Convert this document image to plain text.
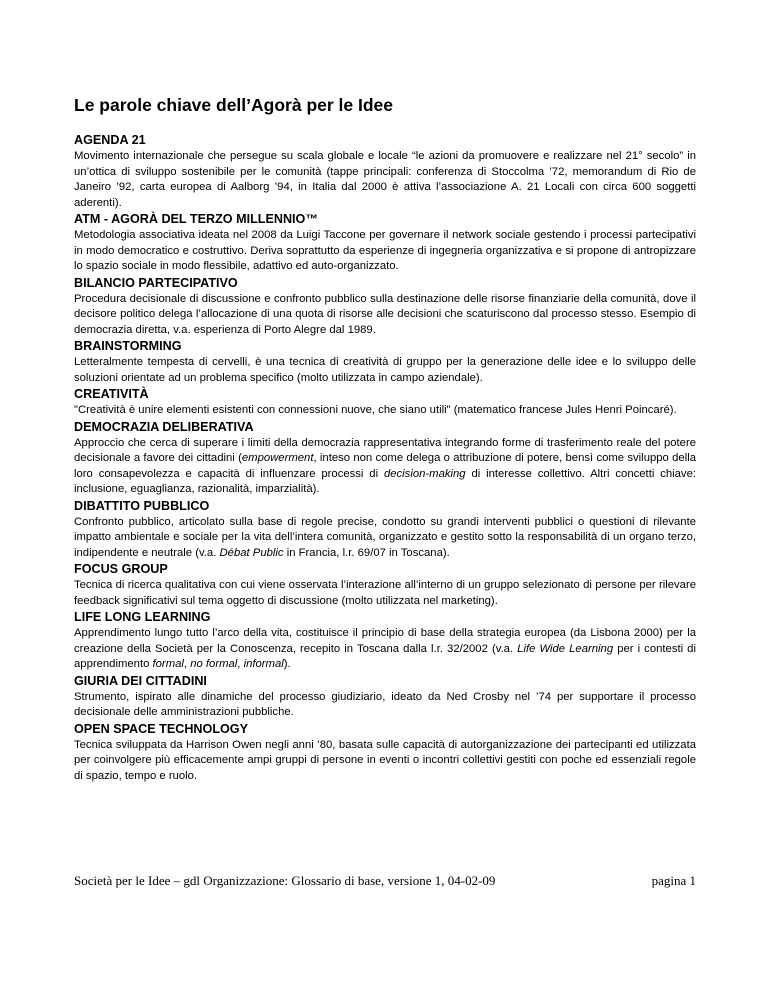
Le parole chiave dell’Agorà per le Idee
AGENDA 21

Movimento internazionale che persegue su scala globale e locale “le azioni da promuovere e realizzare nel 21° secolo” in un’ottica di sviluppo sostenibile per le comunità (tappe principali: conferenza di Stoccolma ’72, memorandum di Rio de Janeiro ’92, carta europea di Aalborg ’94, in Italia dal 2000 è attiva l’associazione A. 21 Locali con circa 600 soggetti aderenti).

ATM - AGORÀ DEL TERZO MILLENNIO™

Metodologia associativa ideata nel 2008 da Luigi Taccone per governare il network sociale gestendo i processi partecipativi in modo democratico e costruttivo. Deriva soprattutto da esperienze di ingegneria organizzativa e si propone di antropizzare lo spazio sociale in modo flessibile, adattivo ed auto-organizzato.

BILANCIO PARTECIPATIVO

Procedura decisionale di discussione e confronto pubblico sulla destinazione delle risorse finanziarie della comunità, dove il decisore politico delega l’allocazione di una quota di risorse alle decisioni che scaturiscono dal processo stesso. Esempio di democrazia diretta, v.a. esperienza di Porto Alegre dal 1989.

BRAINSTORMING

Letteralmente tempesta di cervelli, è una tecnica di creatività di gruppo per la generazione delle idee e lo sviluppo delle soluzioni orientate ad un problema specifico (molto utilizzata in campo aziendale).

CREATIVITÀ

"Creatività è unire elementi esistenti con connessioni nuove, che siano utili" (matematico francese Jules Henri Poincaré).

DEMOCRAZIA DELIBERATIVA

Approccio che cerca di superare i limiti della democrazia rappresentativa integrando forme di trasferimento reale del potere decisionale a favore dei cittadini (empowerment, inteso non come delega o attribuzione di potere, bensì come sviluppo della loro consapevolezza e capacità di influenzare processi di decision-making di interesse collettivo. Altri concetti chiave: inclusione, eguaglianza, razionalità, imparzialità).

DIBATTITO PUBBLICO

Confronto pubblico, articolato sulla base di regole precise, condotto su grandi interventi pubblici o questioni di rilevante impatto ambientale e sociale per la vita dell’intera comunità, organizzato e gestito sotto la responsabilità di un organo terzo, indipendente e neutrale (v.a. Débat Public in Francia, l.r. 69/07 in Toscana).

FOCUS GROUP

Tecnica di ricerca qualitativa con cui viene osservata l’interazione all’interno di un gruppo selezionato di persone per rilevare feedback significativi sul tema oggetto di discussione (molto utilizzata nel marketing).

LIFE LONG LEARNING

Apprendimento lungo tutto l’arco della vita, costituisce il principio di base della strategia europea (da Lisbona 2000) per la creazione della Società per la Conoscenza, recepito in Toscana dalla l.r. 32/2002 (v.a. Life Wide Learning per i contesti di apprendimento formal, no formal, informal).

GIURIA DEI CITTADINI

Strumento, ispirato alle dinamiche del processo giudiziario, ideato da Ned Crosby nel ’74 per supportare il processo decisionale delle amministrazioni pubbliche.

OPEN SPACE TECHNOLOGY

Tecnica sviluppata da Harrison Owen negli anni ’80, basata sulle capacità di autorganizzazione dei partecipanti ed utilizzata per coinvolgere più efficacemente ampi gruppi di persone in eventi o incontri collettivi gestiti con poche ed essenziali regole di spazio, tempo e ruolo.

Società per le Idee – gdl Organizzazione: Glossario di base, versione 1, 04-02-09	pagina 1
